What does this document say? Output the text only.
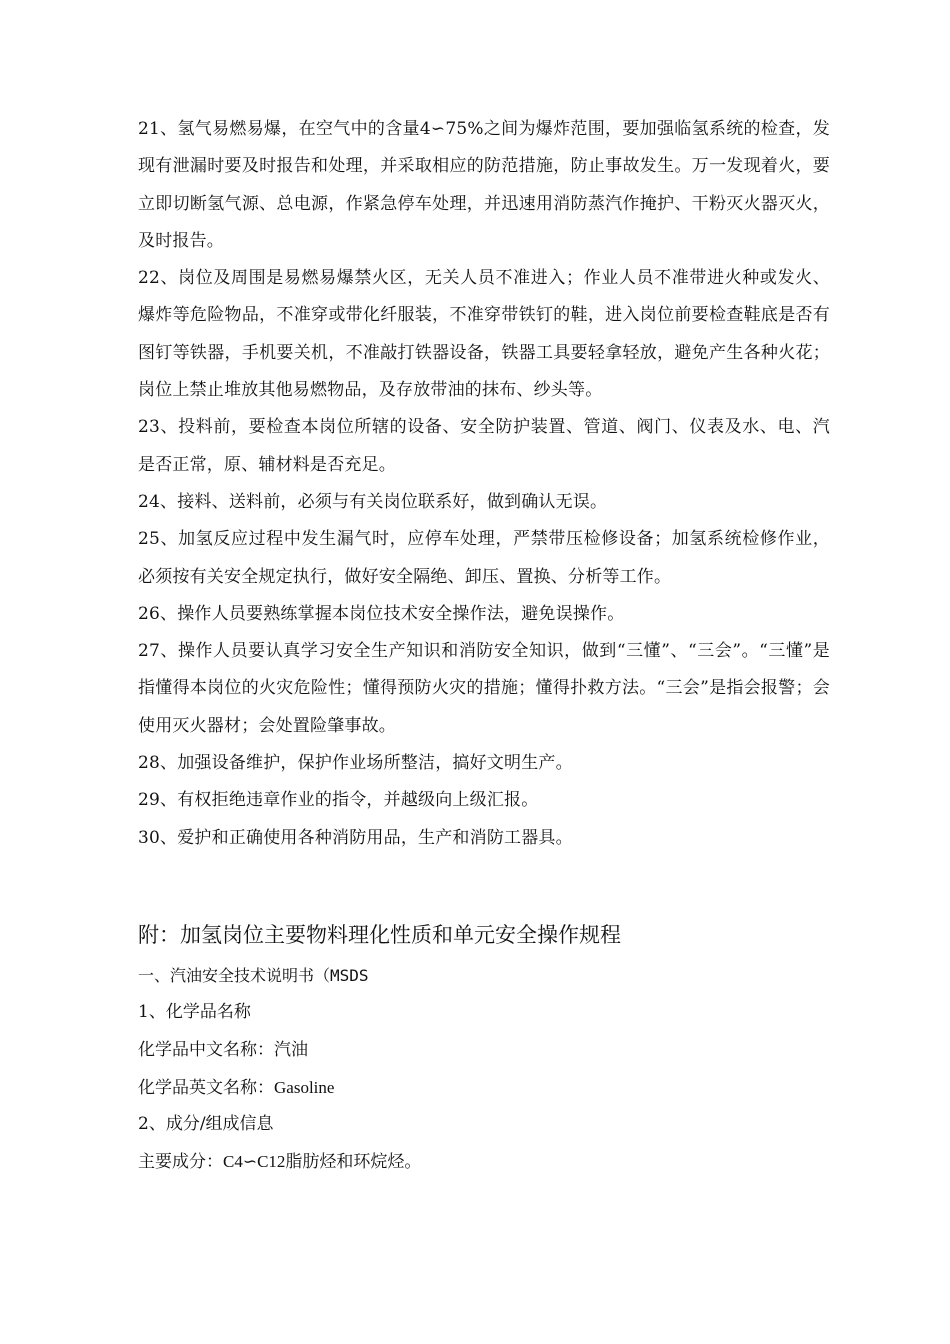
21、氢气易燃易爆，在空气中的含量4∽75%之间为爆炸范围，要加强临氢系统的检查，发现有泄漏时要及时报告和处理，并采取相应的防范措施，防止事故发生。万一发现着火，要立即切断氢气源、总电源，作紧急停车处理，并迅速用消防蒸汽作掩护、干粉灭火器灭火，及时报告。

22、岗位及周围是易燃易爆禁火区，无关人员不准进入；作业人员不准带进火种或发火、爆炸等危险物品，不准穿或带化纤服装，不准穿带铁钉的鞋，进入岗位前要检查鞋底是否有图钉等铁器，手机要关机，不准敲打铁器设备，铁器工具要轻拿轻放，避免产生各种火花；岗位上禁止堆放其他易燃物品，及存放带油的抹布、纱头等。

23、投料前，要检查本岗位所辖的设备、安全防护装置、管道、阀门、仪表及水、电、汽是否正常，原、辅材料是否充足。

24、接料、送料前，必须与有关岗位联系好，做到确认无误。

25、加氢反应过程中发生漏气时，应停车处理，严禁带压检修设备；加氢系统检修作业，必须按有关安全规定执行，做好安全隔绝、卸压、置换、分析等工作。

26、操作人员要熟练掌握本岗位技术安全操作法，避免误操作。

27、操作人员要认真学习安全生产知识和消防安全知识，做到“三懂”、“三会”。“三懂”是指懂得本岗位的火灾危险性；懂得预防火灾的措施；懂得扑救方法。“三会”是指会报警；会使用灭火器材；会处置险肇事故。

28、加强设备维护，保护作业场所整洁，搞好文明生产。

29、有权拒绝违章作业的指令，并越级向上级汇报。

30、爱护和正确使用各种消防用品，生产和消防工器具。

附：加氢岗位主要物料理化性质和单元安全操作规程

一、汽油安全技术说明书（MSDS

1、化学品名称

化学品中文名称：汽油

化学品英文名称：Gasoline

2、成分/组成信息

主要成分：C4∽C12脂肪烃和环烷烃。
